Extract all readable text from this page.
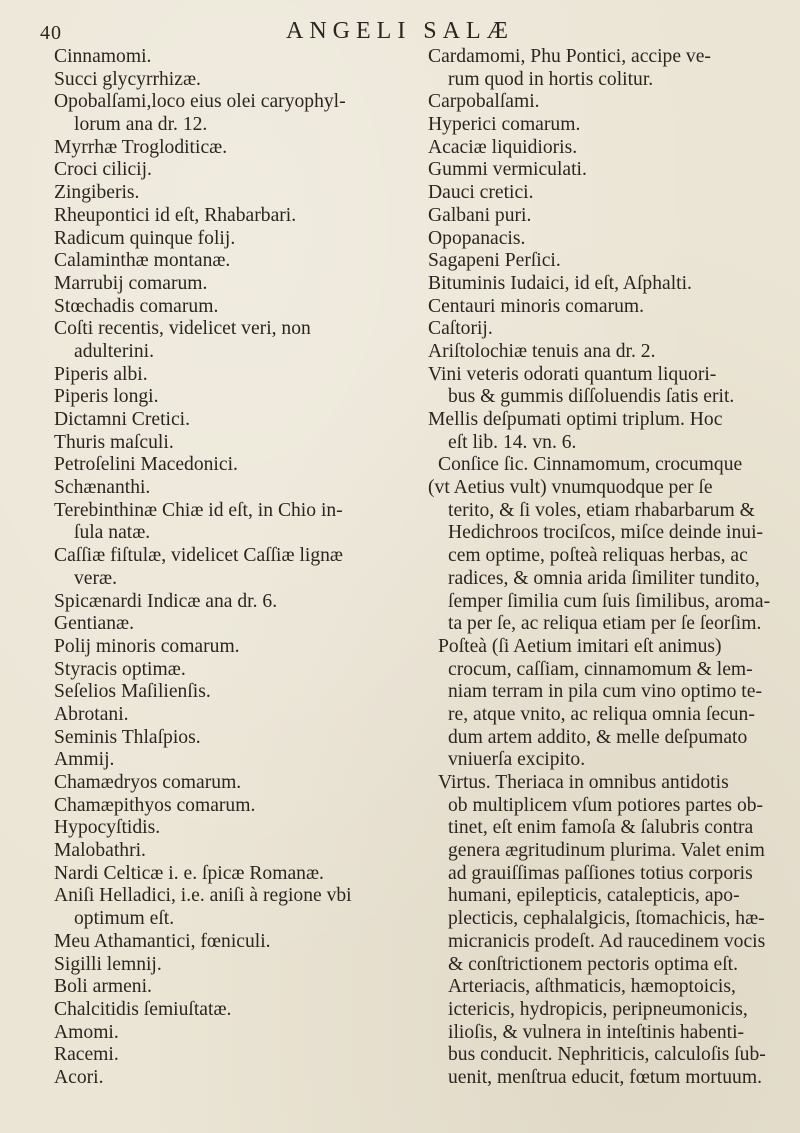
40	ANGELI SALÆ
Cinnamomi.
Succi glycyrrhizæ.
Opobalſami,loco eius olei caryophyl-
lorum ana dr. 12.
Myrrhæ Trogloditicæ.
Croci cilicij.
Zingiberis.
Rheupontici id eſt, Rhabarbari.
Radicum quinque folij.
Calaminthæ montanæ.
Marrubij comarum.
Stœchadis comarum.
Coſti recentis, videlicet veri, non
adulterini.
Piperis albi.
Piperis longi.
Dictamni Cretici.
Thuris maſculi.
Petroſelini Macedonici.
Schænanthi.
Terebinthinæ Chiæ id eſt, in Chio in-
ſula natæ.
Caſſiæ fiſtulæ, videlicet Caſſiæ lignæ
veræ.
Spicænardi Indicæ ana dr. 6.
Gentianæ.
Polij minoris comarum.
Styracis optimæ.
Seſelios Maſilienſis.
Abrotani.
Seminis Thlaſpios.
Ammij.
Chamædryos comarum.
Chamæpithyos comarum.
Hypocyſtidis.
Malobathri.
Nardi Celticæ i. e. ſpicæ Romanæ.
Aniſi Helladici, i.e. aniſi à regione vbi
optimum eſt.
Meu Athamantici, fœniculi.
Sigilli lemnij.
Boli armeni.
Chalcitidis ſemiuſtatæ.
Amomi.
Racemi.
Acori.
Cardamomi, Phu Pontici, accipe ve-
rum quod in hortis colitur.
Carpobalſami.
Hyperici comarum.
Acaciæ liquidioris.
Gummi vermiculati.
Dauci cretici.
Galbani puri.
Opopanacis.
Sagapeni Perſici.
Bituminis Iudaici, id eſt, Aſphalti.
Centauri minoris comarum.
Caſtorij.
Ariſtolochiæ tenuis ana dr. 2.
Vini veteris odorati quantum liquori-
bus & gummis diſſoluendis ſatis erit.
Mellis deſpumati optimi triplum. Hoc
eſt lib. 14. vn. 6.
Conſice ſic. Cinnamomum, crocumque
(vt Aetius vult) vnumquodque per ſe
terito, & ſi voles, etiam rhabarbarum &
Hedichroos trociſcos, miſce deinde inui-
cem optime, poſteà reliquas herbas, ac
radices, & omnia arida ſimiliter tundito,
ſemper ſimilia cum ſuis ſimilibus, aroma-
ta per ſe, ac reliqua etiam per ſe ſeorſim.
Poſteà (ſi Aetium imitari eſt animus)
crocum, caſſiam, cinnamomum & lem-
niam terram in pila cum vino optimo te-
re, atque vnito, ac reliqua omnia ſecun-
dum artem addito, & melle deſpumato
vniuerſa excipito.
Virtus. Theriaca in omnibus antidotis
ob multiplicem vſum potiores partes ob-
tinet, eſt enim famoſa & ſalubris contra
genera ægritudinum plurima. Valet enim
ad grauiſſimas paſſiones totius corporis
humani, epilepticis, catalepticis, apo-
plecticis, cephalalgicis, ſtomachicis, hæ-
micranicis prodeſt. Ad raucedinem vocis
& conſtrictionem pectoris optima eſt.
Arteriacis, aſthmaticis, hæmoptoicis,
ictericis, hydropicis, peripneumonicis,
iliοſis, & vulnera in inteſtinis habenti-
bus conducit. Nephriticis, calculoſis ſub-
uenit, menſtrua educit, fœtum mortuum.
